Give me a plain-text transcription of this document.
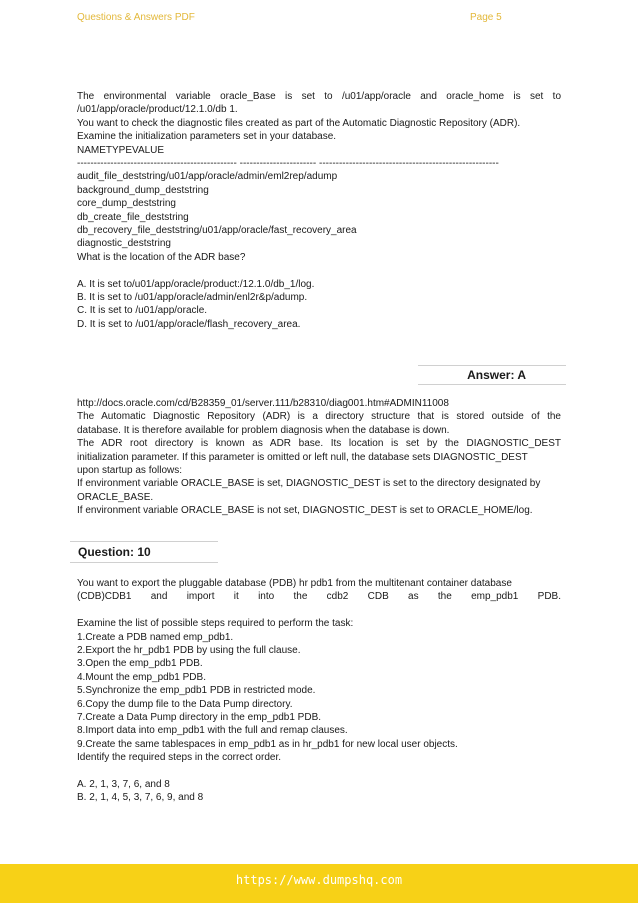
Questions & Answers PDF	Page 5
The environmental variable oracle_Base is set to /u01/app/oracle and oracle_home is set to
/u01/app/oracle/product/12.1.0/db 1.
You want to check the diagnostic files created as part of the Automatic Diagnostic Repository (ADR).
Examine the initialization parameters set in your database.
NAMETYPEVALUE
------------------------------------------------ ----------------------- ------------------------------------------------------
audit_file_deststring/u01/app/oracle/admin/eml2rep/adump
background_dump_deststring
core_dump_deststring
db_create_file_deststring
db_recovery_file_deststring/u01/app/oracle/fast_recovery_area
diagnostic_deststring
What is the location of the ADR base?
A. It is set to/u01/app/oracle/product:/12.1.0/db_1/log.
B. It is set to /u01/app/oracle/admin/enl2r&p/adump.
C. It is set to /u01/app/oracle.
D. It is set to /u01/app/oracle/flash_recovery_area.
Answer: A
http://docs.oracle.com/cd/B28359_01/server.111/b28310/diag001.htm#ADMIN11008
The Automatic Diagnostic Repository (ADR) is a directory structure that is stored outside of the
database. It is therefore available for problem diagnosis when the database is down.
The ADR root directory is known as ADR base. Its location is set by the DIAGNOSTIC_DEST
initialization parameter. If this parameter is omitted or left null, the database sets DIAGNOSTIC_DEST
upon startup as follows:
If environment variable ORACLE_BASE is set, DIAGNOSTIC_DEST is set to the directory designated by
ORACLE_BASE.
If environment variable ORACLE_BASE is not set, DIAGNOSTIC_DEST is set to ORACLE_HOME/log.
Question: 10
You want to export the pluggable database (PDB) hr pdb1 from the multitenant container database
(CDB)CDB1 and import it into the cdb2 CDB as the emp_pdb1 PDB.
Examine the list of possible steps required to perform the task:
1.Create a PDB named emp_pdb1.
2.Export the hr_pdb1 PDB by using the full clause.
3.Open the emp_pdb1 PDB.
4.Mount the emp_pdb1 PDB.
5.Synchronize the emp_pdb1 PDB in restricted mode.
6.Copy the dump file to the Data Pump directory.
7.Create a Data Pump directory in the emp_pdb1 PDB.
8.Import data into emp_pdb1 with the full and remap clauses.
9.Create the same tablespaces in emp_pdb1 as in hr_pdb1 for new local user objects.
Identify the required steps in the correct order.
A. 2, 1, 3, 7, 6, and 8
B. 2, 1, 4, 5, 3, 7, 6, 9, and 8
https://www.dumpshq.com
